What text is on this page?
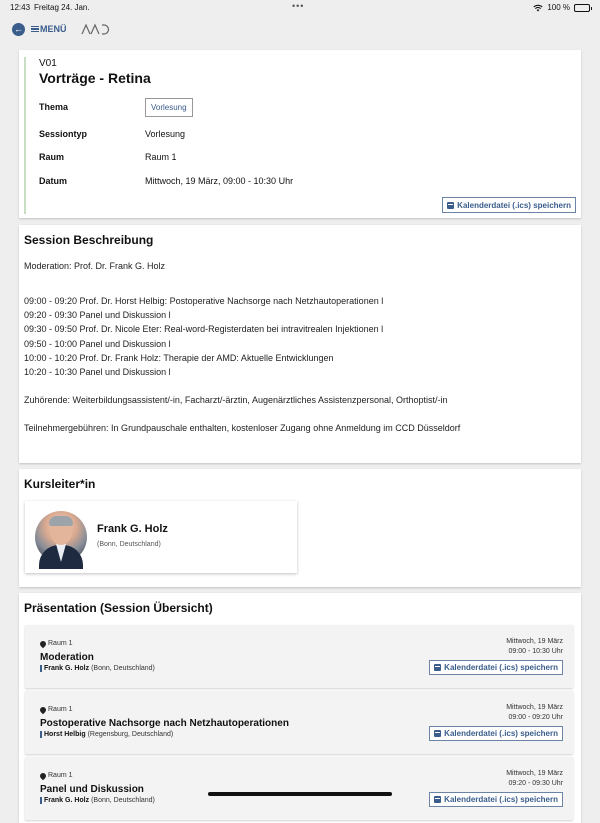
12:43 Freitag 24. Jan.	•••	100 %
← MENÜ
V01
Vorträge - Retina
Thema	Vorlesung
Sessiontyp	Vorlesung
Raum	Raum 1
Datum	Mittwoch, 19 März, 09:00 - 10:30 Uhr
Kalenderdatei (.ics) speichern
Session Beschreibung
Moderation: Prof. Dr. Frank G. Holz
09:00 - 09:20 Prof. Dr. Horst Helbig: Postoperative Nachsorge nach Netzhautoperationen l
09:20 - 09:30 Panel und Diskussion l
09:30 - 09:50 Prof. Dr. Nicole Eter: Real-word-Registerdaten bei intravitrealen Injektionen l
09:50 - 10:00 Panel und Diskussion l
10:00 - 10:20 Prof. Dr. Frank Holz: Therapie der AMD: Aktuelle Entwicklungen
10:20 - 10:30 Panel und Diskussion l
Zuhörende: Weiterbildungsassistent/-in, Facharzt/-ärztin, Augenärztliches Assistenzpersonal, Orthoptist/-in
Teilnehmergebühren: In Grundpauschale enthalten, kostenloser Zugang ohne Anmeldung im CCD Düsseldorf
Kursleiter*in
Frank G. Holz
(Bonn, Deutschland)
Präsentation (Session Übersicht)
Raum 1
Moderation
Frank G. Holz (Bonn, Deutschland)
Mittwoch, 19 März
09:00 - 10:30 Uhr
Kalenderdatei (.ics) speichern
Raum 1
Postoperative Nachsorge nach Netzhautoperationen
Horst Helbig (Regensburg, Deutschland)
Mittwoch, 19 März
09:00 - 09:20 Uhr
Kalenderdatei (.ics) speichern
Raum 1
Panel und Diskussion
Frank G. Holz (Bonn, Deutschland)
Mittwoch, 19 März
09:20 - 09:30 Uhr
Kalenderdatei (.ics) speichern
